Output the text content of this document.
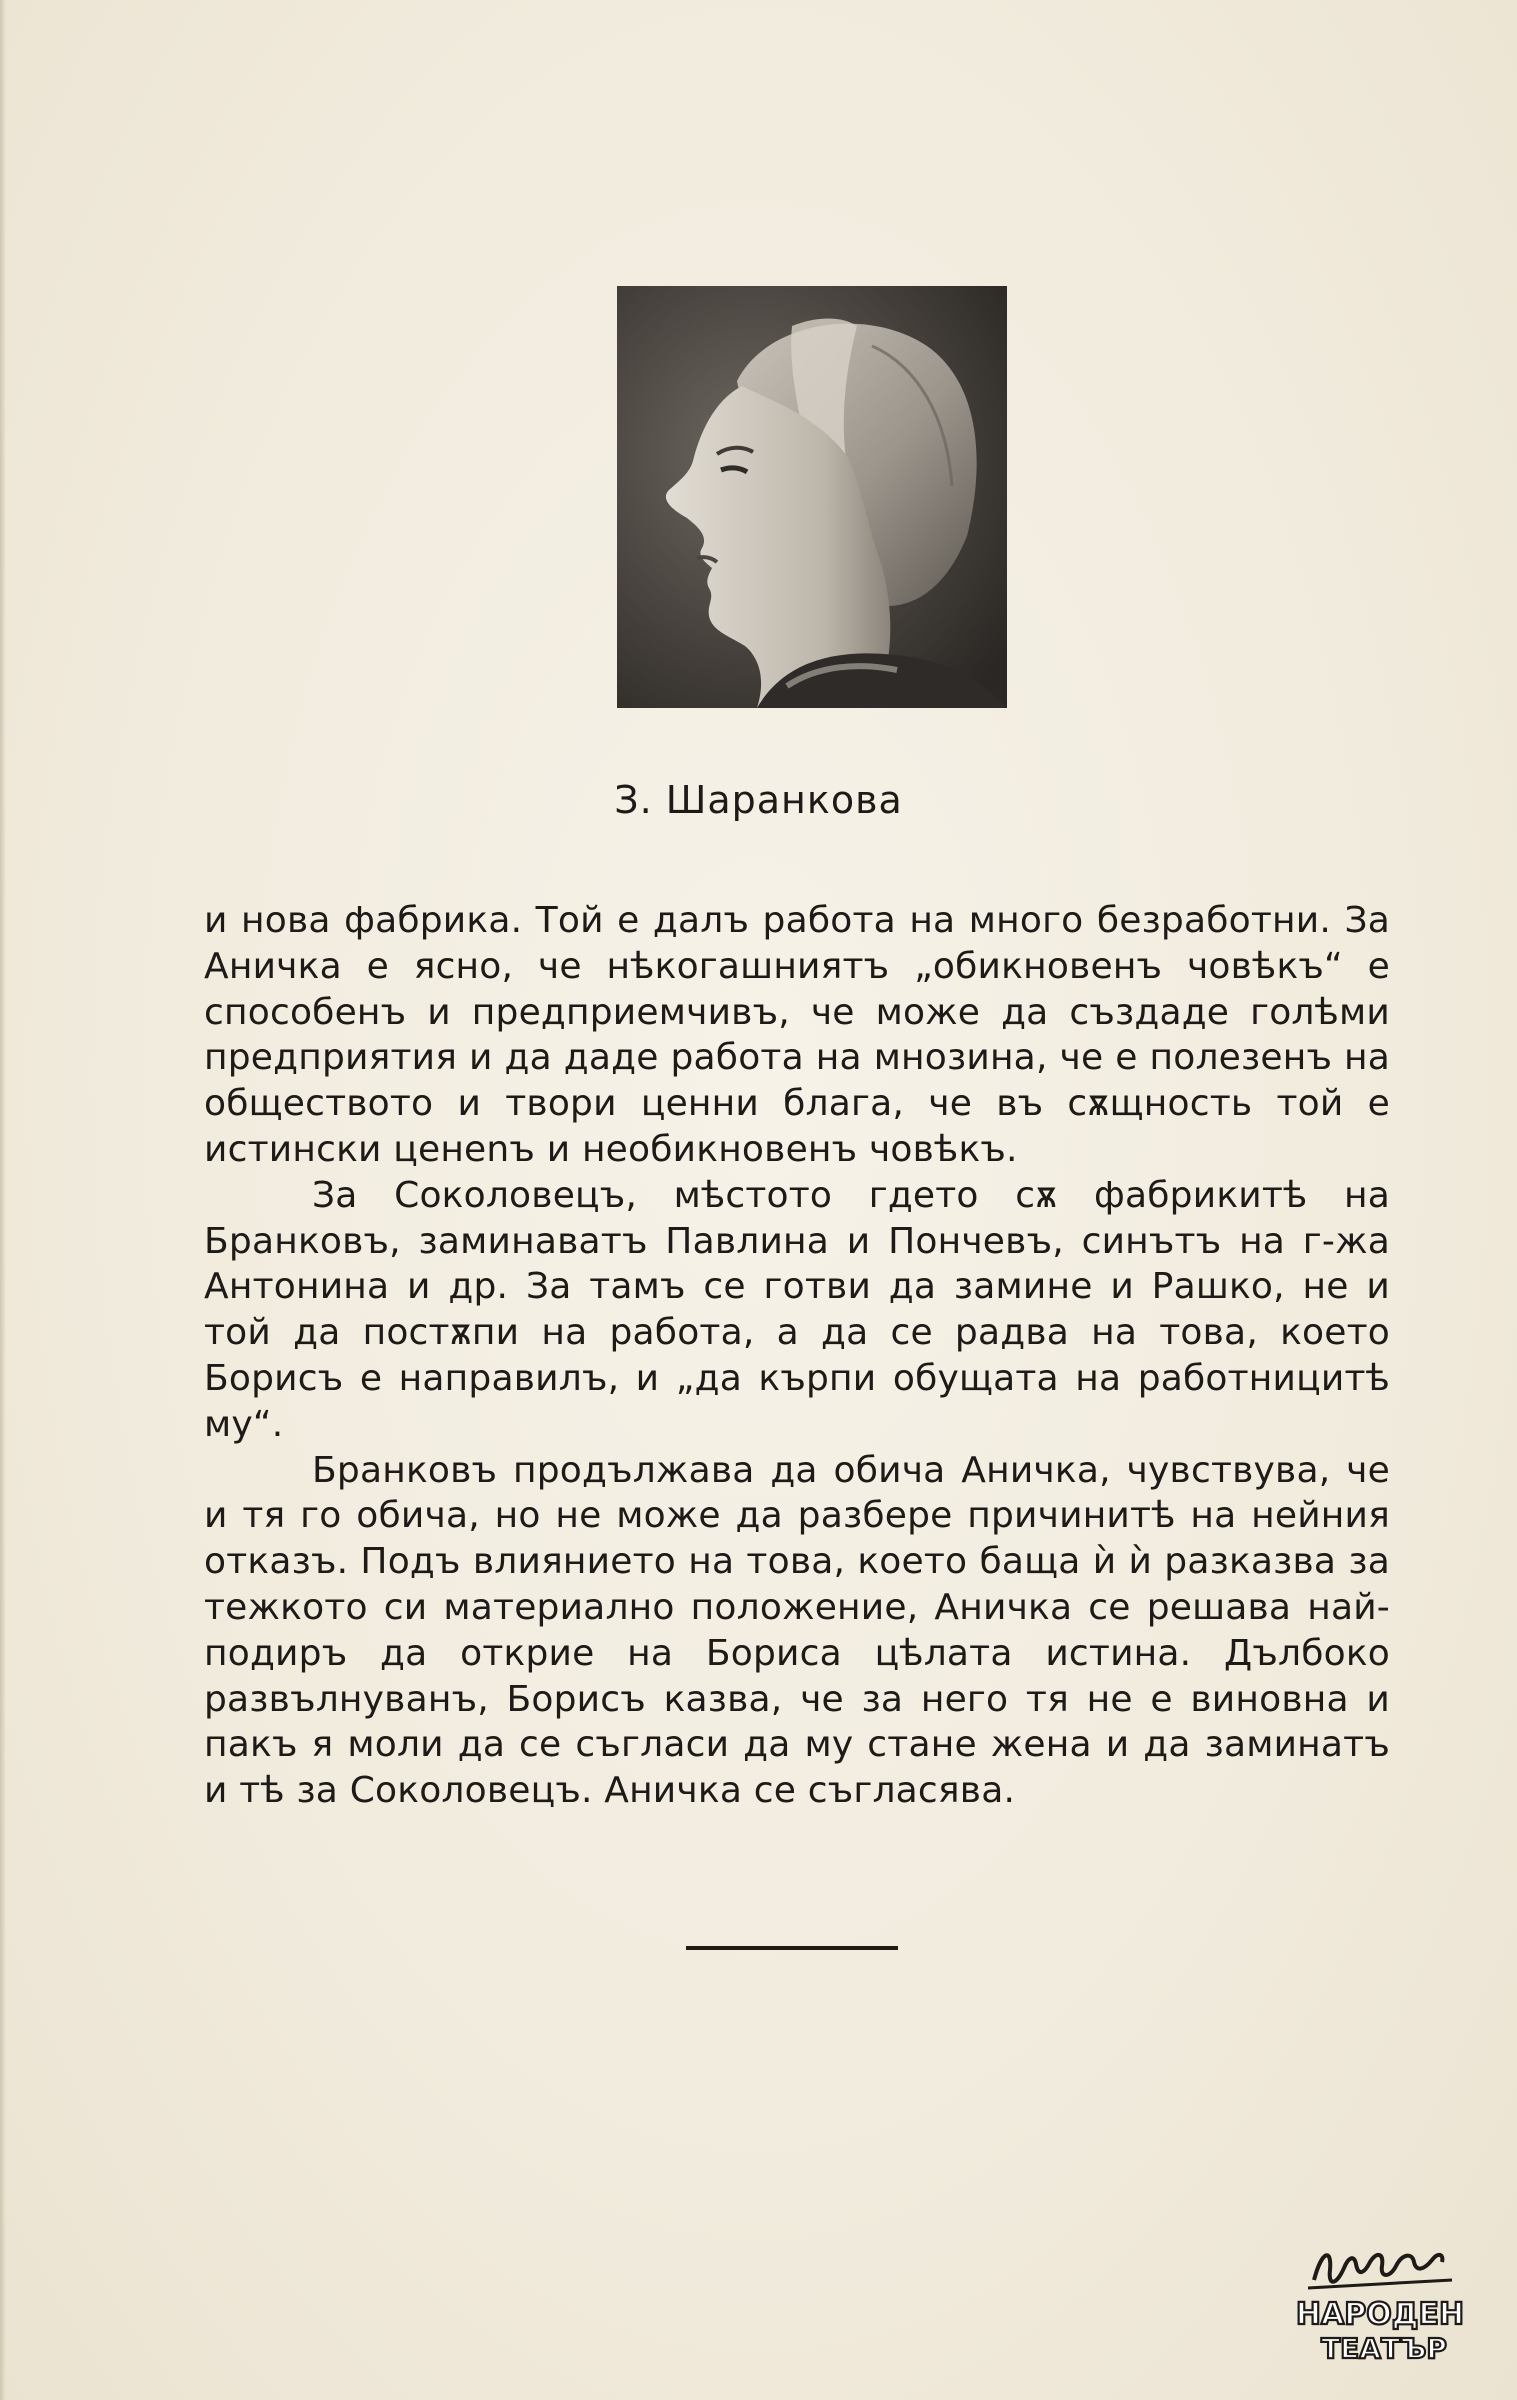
З. Шаранкова

и нова фабрика. Той е далъ работа на много безработни. За Аничка е ясно, че нѣкогашниятъ „обикновенъ човѣкъ“ е способенъ и предприемчивъ, че може да създаде голѣми предприятия и да даде работа на мнозина, че е полезенъ на обществото и твори ценни блага, че въ сѫщность той е истински ценenъ и необикновенъ човѣкъ.

За Соколовецъ, мѣстото гдето сѫ фабрикитѣ на Бранковъ, заминаватъ Павлина и Пончевъ, синътъ на г-жа Антонина и др. За тамъ се готви да замине и Рашко, не и той да постѫпи на работа, а да се радва на това, което Борисъ е направилъ, и „да кърпи обущата на работницитѣ му“.

Бранковъ продължава да обича Аничка, чувствува, че и тя го обича, но не може да разбере причинитѣ на нейния отказъ. Подъ влиянието на това, което баща ѝ ѝ разказва за тежкото си материално положение, Аничка се решава най-подиръ да открие на Бориса цѣлата истина. Дълбоко развълнуванъ, Борисъ казва, че за него тя не е виновна и пакъ я моли да се съгласи да му стане жена и да заминатъ и тѣ за Соколовецъ. Аничка се съгласява.

НАРОДЕН
ТЕАТЪР
